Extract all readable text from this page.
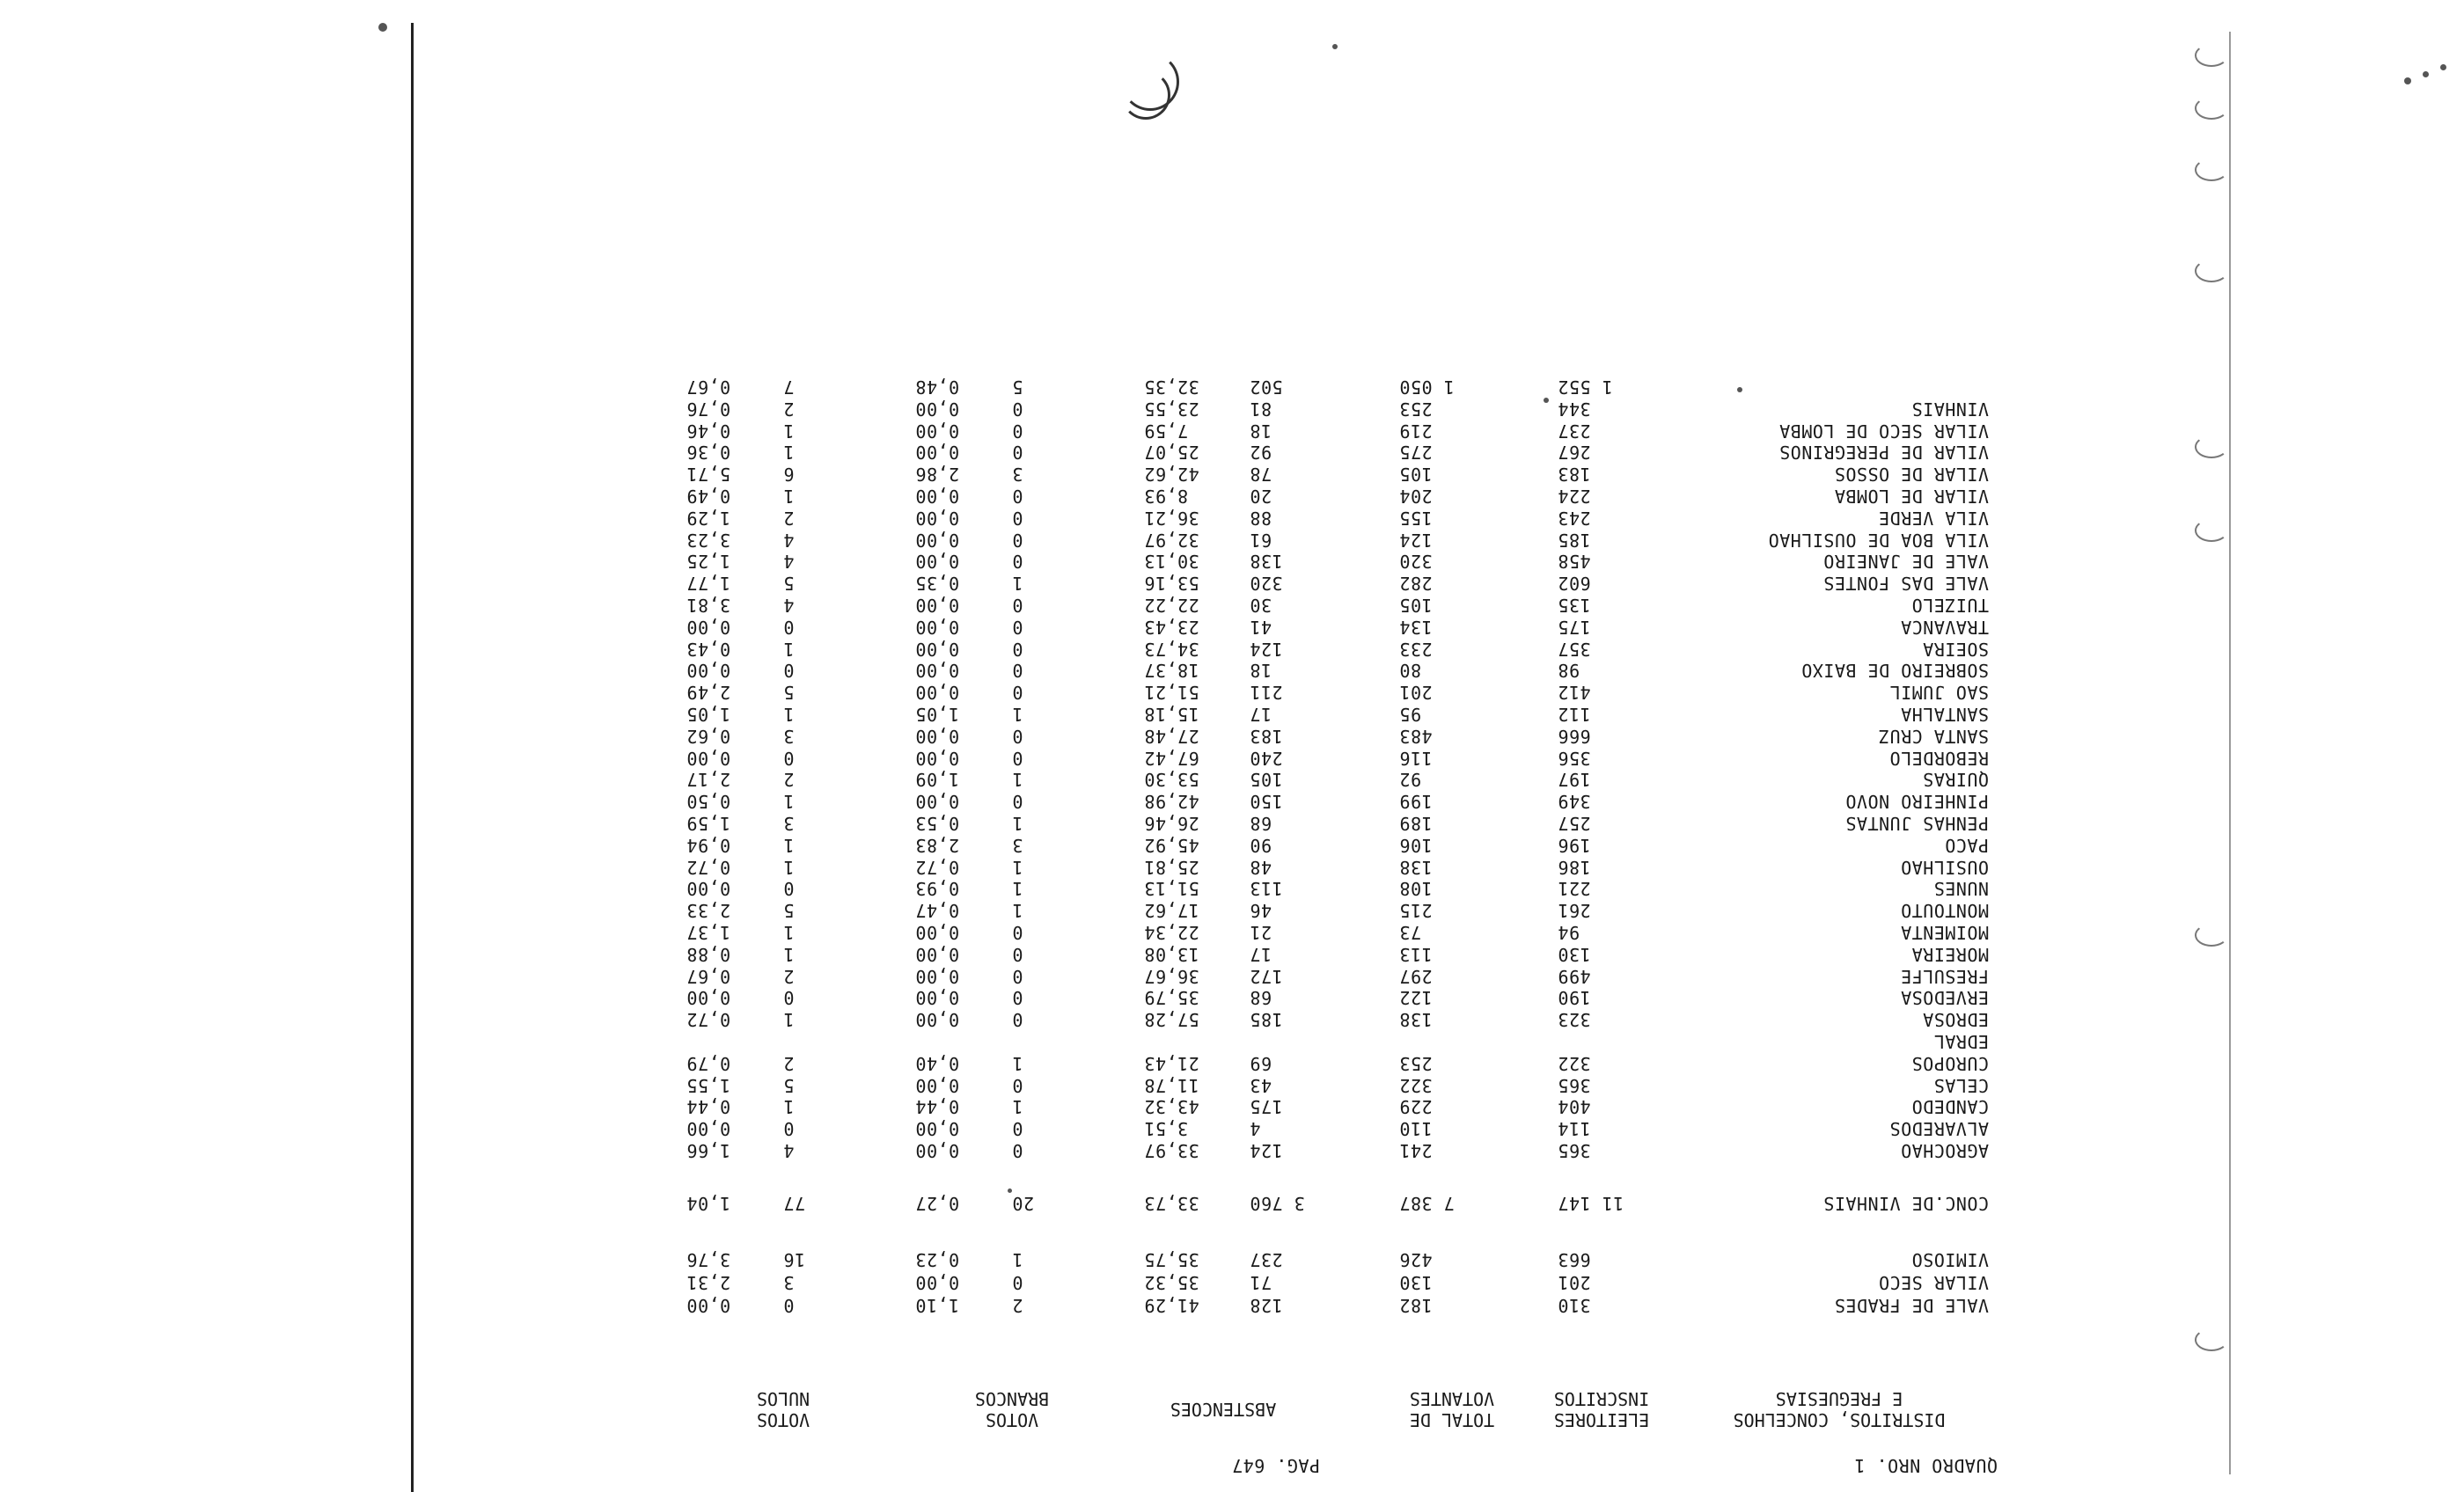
PAG. 647	QUADRO NRO. 1
DISTRITOS, CONCELHOS
E FREGUESIAS
ELEITORES
INSCRITOS
TOTAL DE
VOTANTES
ABSTENCOES
VOTOS
BRANCOS
VOTOS
NULOS
VALE DE FRADES
310
182
128
41,29
2
1,10
0
0,00
VILAR SECO
201
130
71
35,32
0
0,00
3
2,31
VIMIOSO
663
426
237
35,75
1
0,23
16
3,76
CONC.DE VINHAIS
11 147
7 387
3 760
33,73
20
0,27
77
1,04
AGROCHAO
365
241
124
33,97
0
0,00
4
1,66
ALVAREDOS
114
110
4
3,51
0
0,00
0
0,00
CANDEDO
404
229
175
43,32
1
0,44
1
0,44
CELAS
365
322
43
11,78
0
0,00
5
1,55
CUROPOS
322
253
69
21,43
1
0,40
2
0,79
EDRAL
EDROSA
323
138
185
57,28
0
0,00
1
0,72
ERVEDOSA
190
122
68
35,79
0
0,00
0
0,00
FRESULFE
499
297
172
36,67
0
0,00
2
0,67
MOREIRA
130
113
17
13,08
0
0,00
1
0,88
MOIMENTA
94
73
21
22,34
0
0,00
1
1,37
MONTOUTO
261
215
46
17,62
1
0,47
5
2,33
NUNES
221
108
113
51,13
1
0,93
0
0,00
OUSILHAO
186
138
48
25,81
1
0,72
1
0,72
PACO
196
106
90
45,92
3
2,83
1
0,94
PENHAS JUNTAS
257
189
68
26,46
1
0,53
3
1,59
PINHEIRO NOVO
349
199
150
42,98
0
0,00
1
0,50
QUIRAS
197
92
105
53,30
1
1,09
2
2,17
REBORDELO
356
116
240
67,42
0
0,00
0
0,00
SANTA CRUZ
666
483
183
27,48
0
0,00
3
0,62
SANTALHA
112
95
17
15,18
1
1,05
1
1,05
SAO JUMIL
412
201
211
51,21
0
0,00
5
2,49
SOBREIRO DE BAIXO
98
80
18
18,37
0
0,00
0
0,00
SOEIRA
357
233
124
34,73
0
0,00
1
0,43
TRAVANCA
175
134
41
23,43
0
0,00
0
0,00
TUIZELO
135
105
30
22,22
0
0,00
4
3,81
VALE DAS FONTES
602
282
320
53,16
1
0,35
5
1,77
VALE DE JANEIRO
458
320
138
30,13
0
0,00
4
1,25
VILA BOA DE OUSILHAO
185
124
61
32,97
0
0,00
4
3,23
VILA VERDE
243
155
88
36,21
0
0,00
2
1,29
VILAR DE LOMBA
224
204
20
8,93
0
0,00
1
0,49
VILAR DE OSSOS
183
105
78
42,62
3
2,86
6
5,71
VILAR DE PEREGRINOS
267
275
92
25,07
0
0,00
1
0,36
VILAR SECO DE LOMBA
237
219
18
7,59
0
0,00
1
0,46
VINHAIS
344
253
81
23,55
0
0,00
2
0,76
1 552
1 050
502
32,35
5
0,48
7
0,67
